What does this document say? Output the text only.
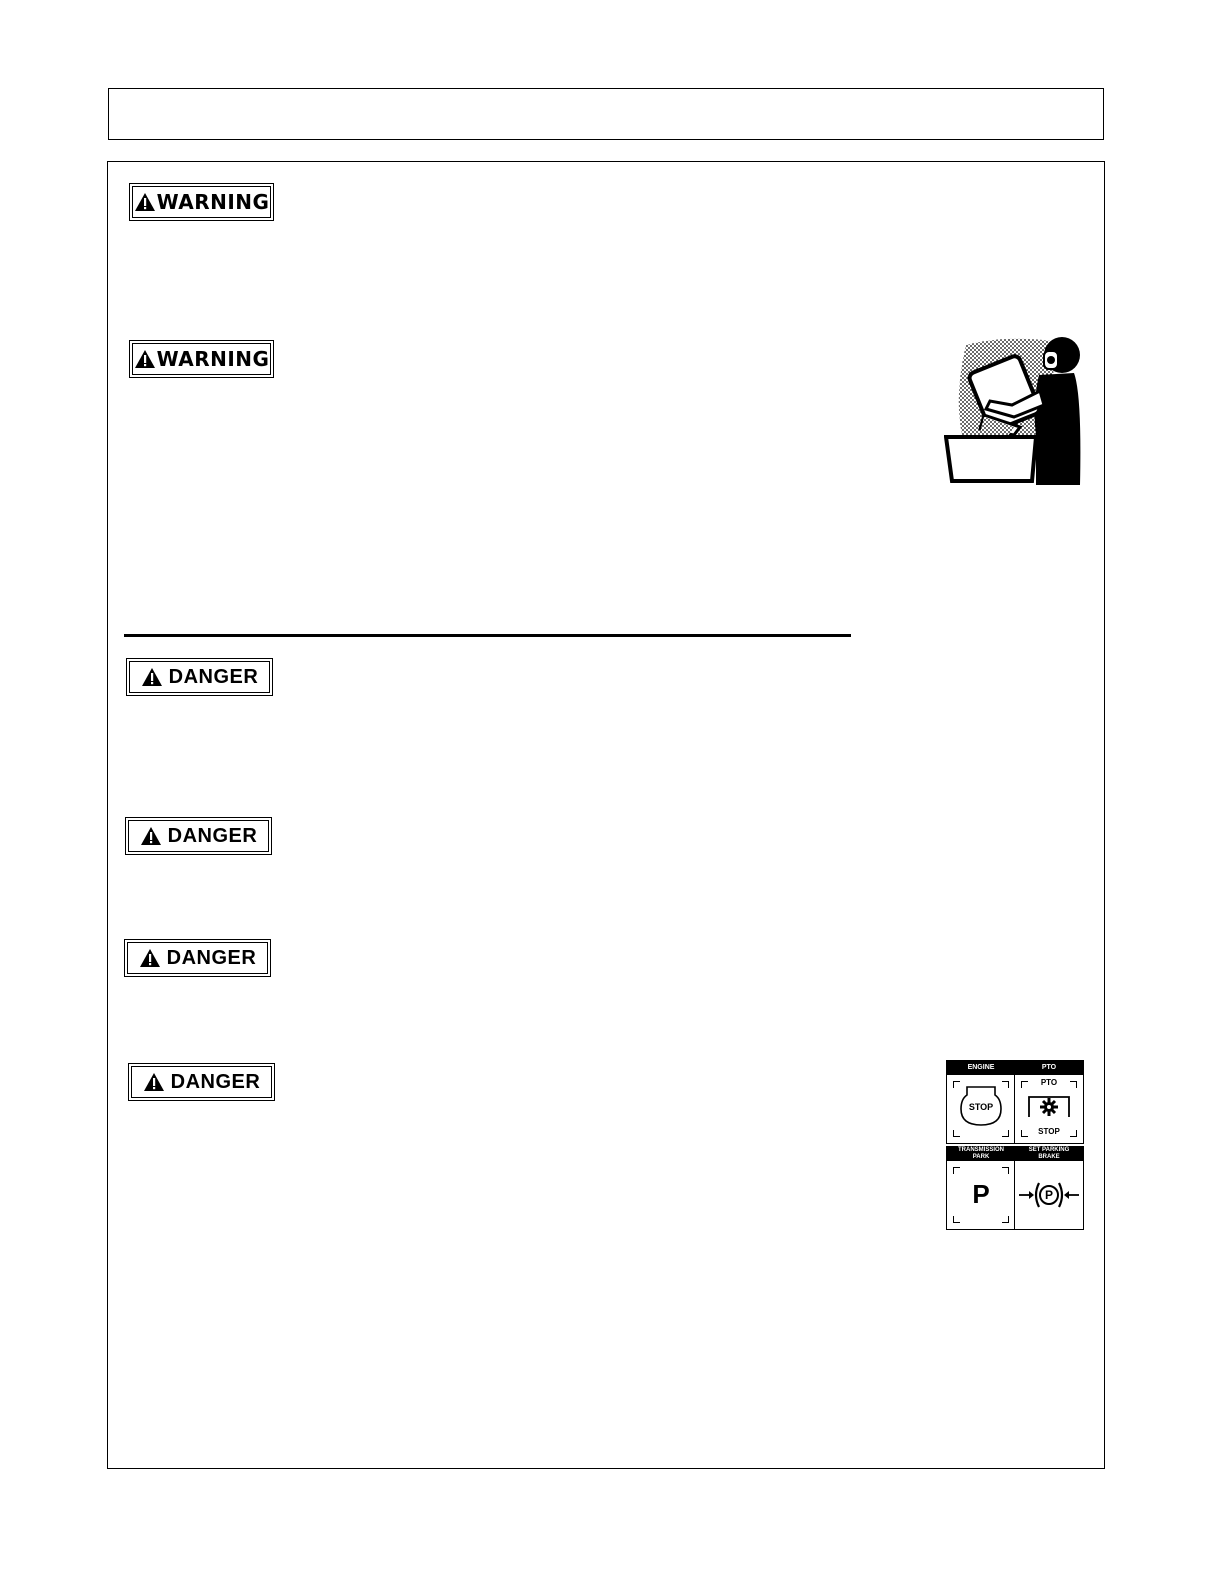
WARNING
WARNING
DANGER
DANGER
DANGER
DANGER
ENGINE
STOP
PTO
PTO
STOP
TRANSMISSION
PARK
P
SET PARKING
BRAKE
P
